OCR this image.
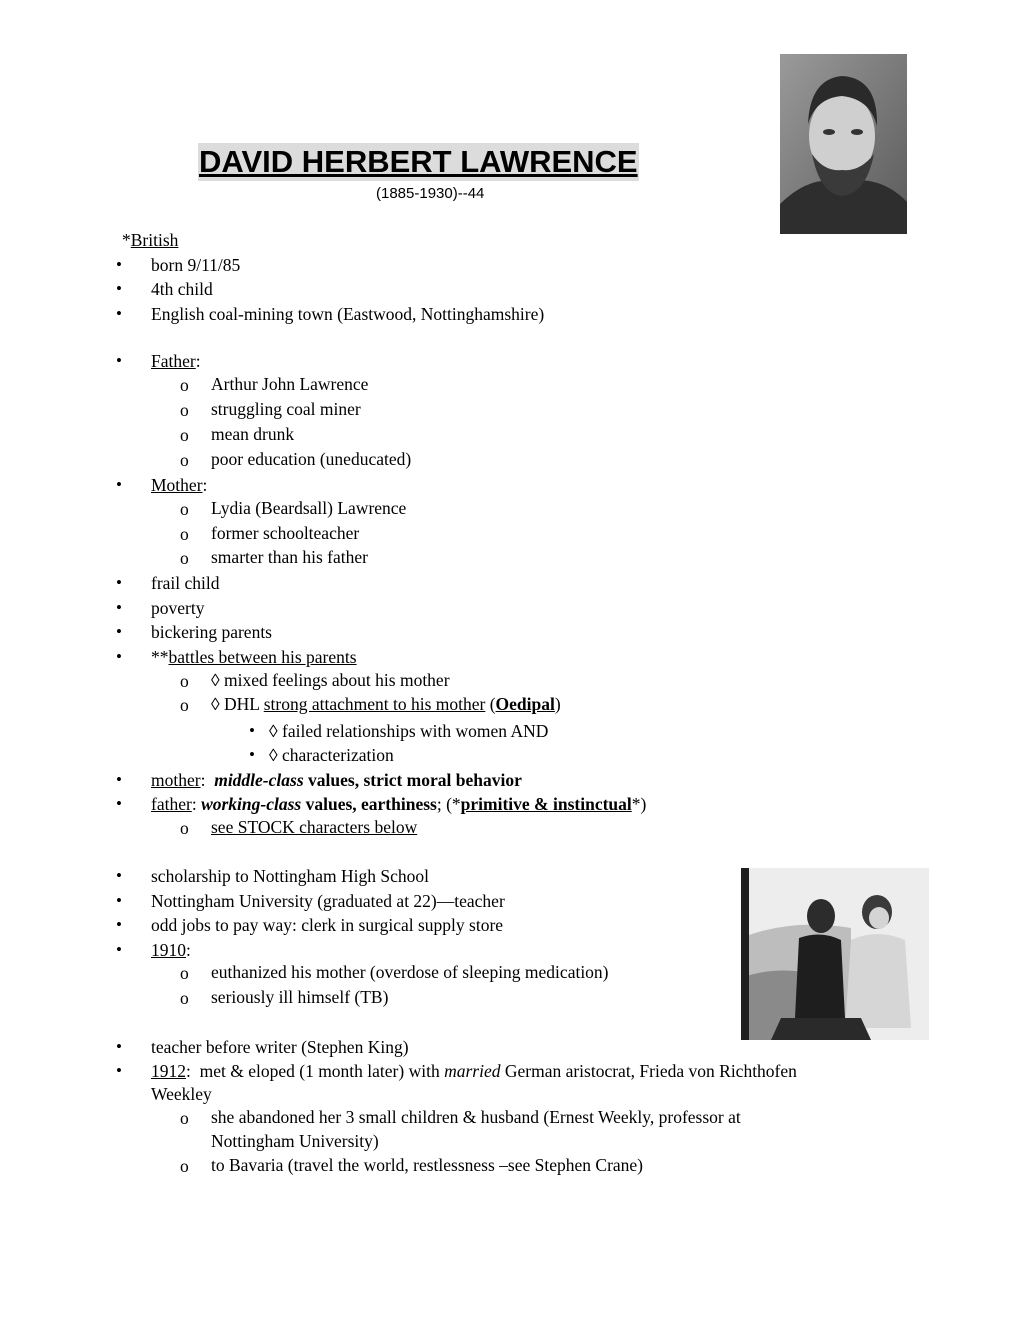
DAVID HERBERT LAWRENCE
(1885-1930)--44
*British
• born 9/11/85
• 4th child
• English coal-mining town (Eastwood, Nottinghamshire)
• Father:
o Arthur John Lawrence
o struggling coal miner
o mean drunk
o poor education (uneducated)
• Mother:
o Lydia (Beardsall) Lawrence
o former schoolteacher
o smarter than his father
• frail child
• poverty
• bickering parents
• **battles between his parents
o ◊ mixed feelings about his mother
o ◊ DHL strong attachment to his mother (Oedipal)
• ◊ failed relationships with women AND
• ◊ characterization
• mother:  middle-class values, strict moral behavior
• father: working-class values, earthiness; (*primitive & instinctual*)
o see STOCK characters below
• scholarship to Nottingham High School
• Nottingham University (graduated at 22)—teacher
• odd jobs to pay way: clerk in surgical supply store
• 1910:
o euthanized his mother (overdose of sleeping medication)
o seriously ill himself (TB)
• teacher before writer (Stephen King)
• 1912:  met & eloped (1 month later) with married German aristocrat, Frieda von Richthofen
Weekley
o she abandoned her 3 small children & husband (Ernest Weekly, professor at
Nottingham University)
o to Bavaria (travel the world, restlessness –see Stephen Crane)
